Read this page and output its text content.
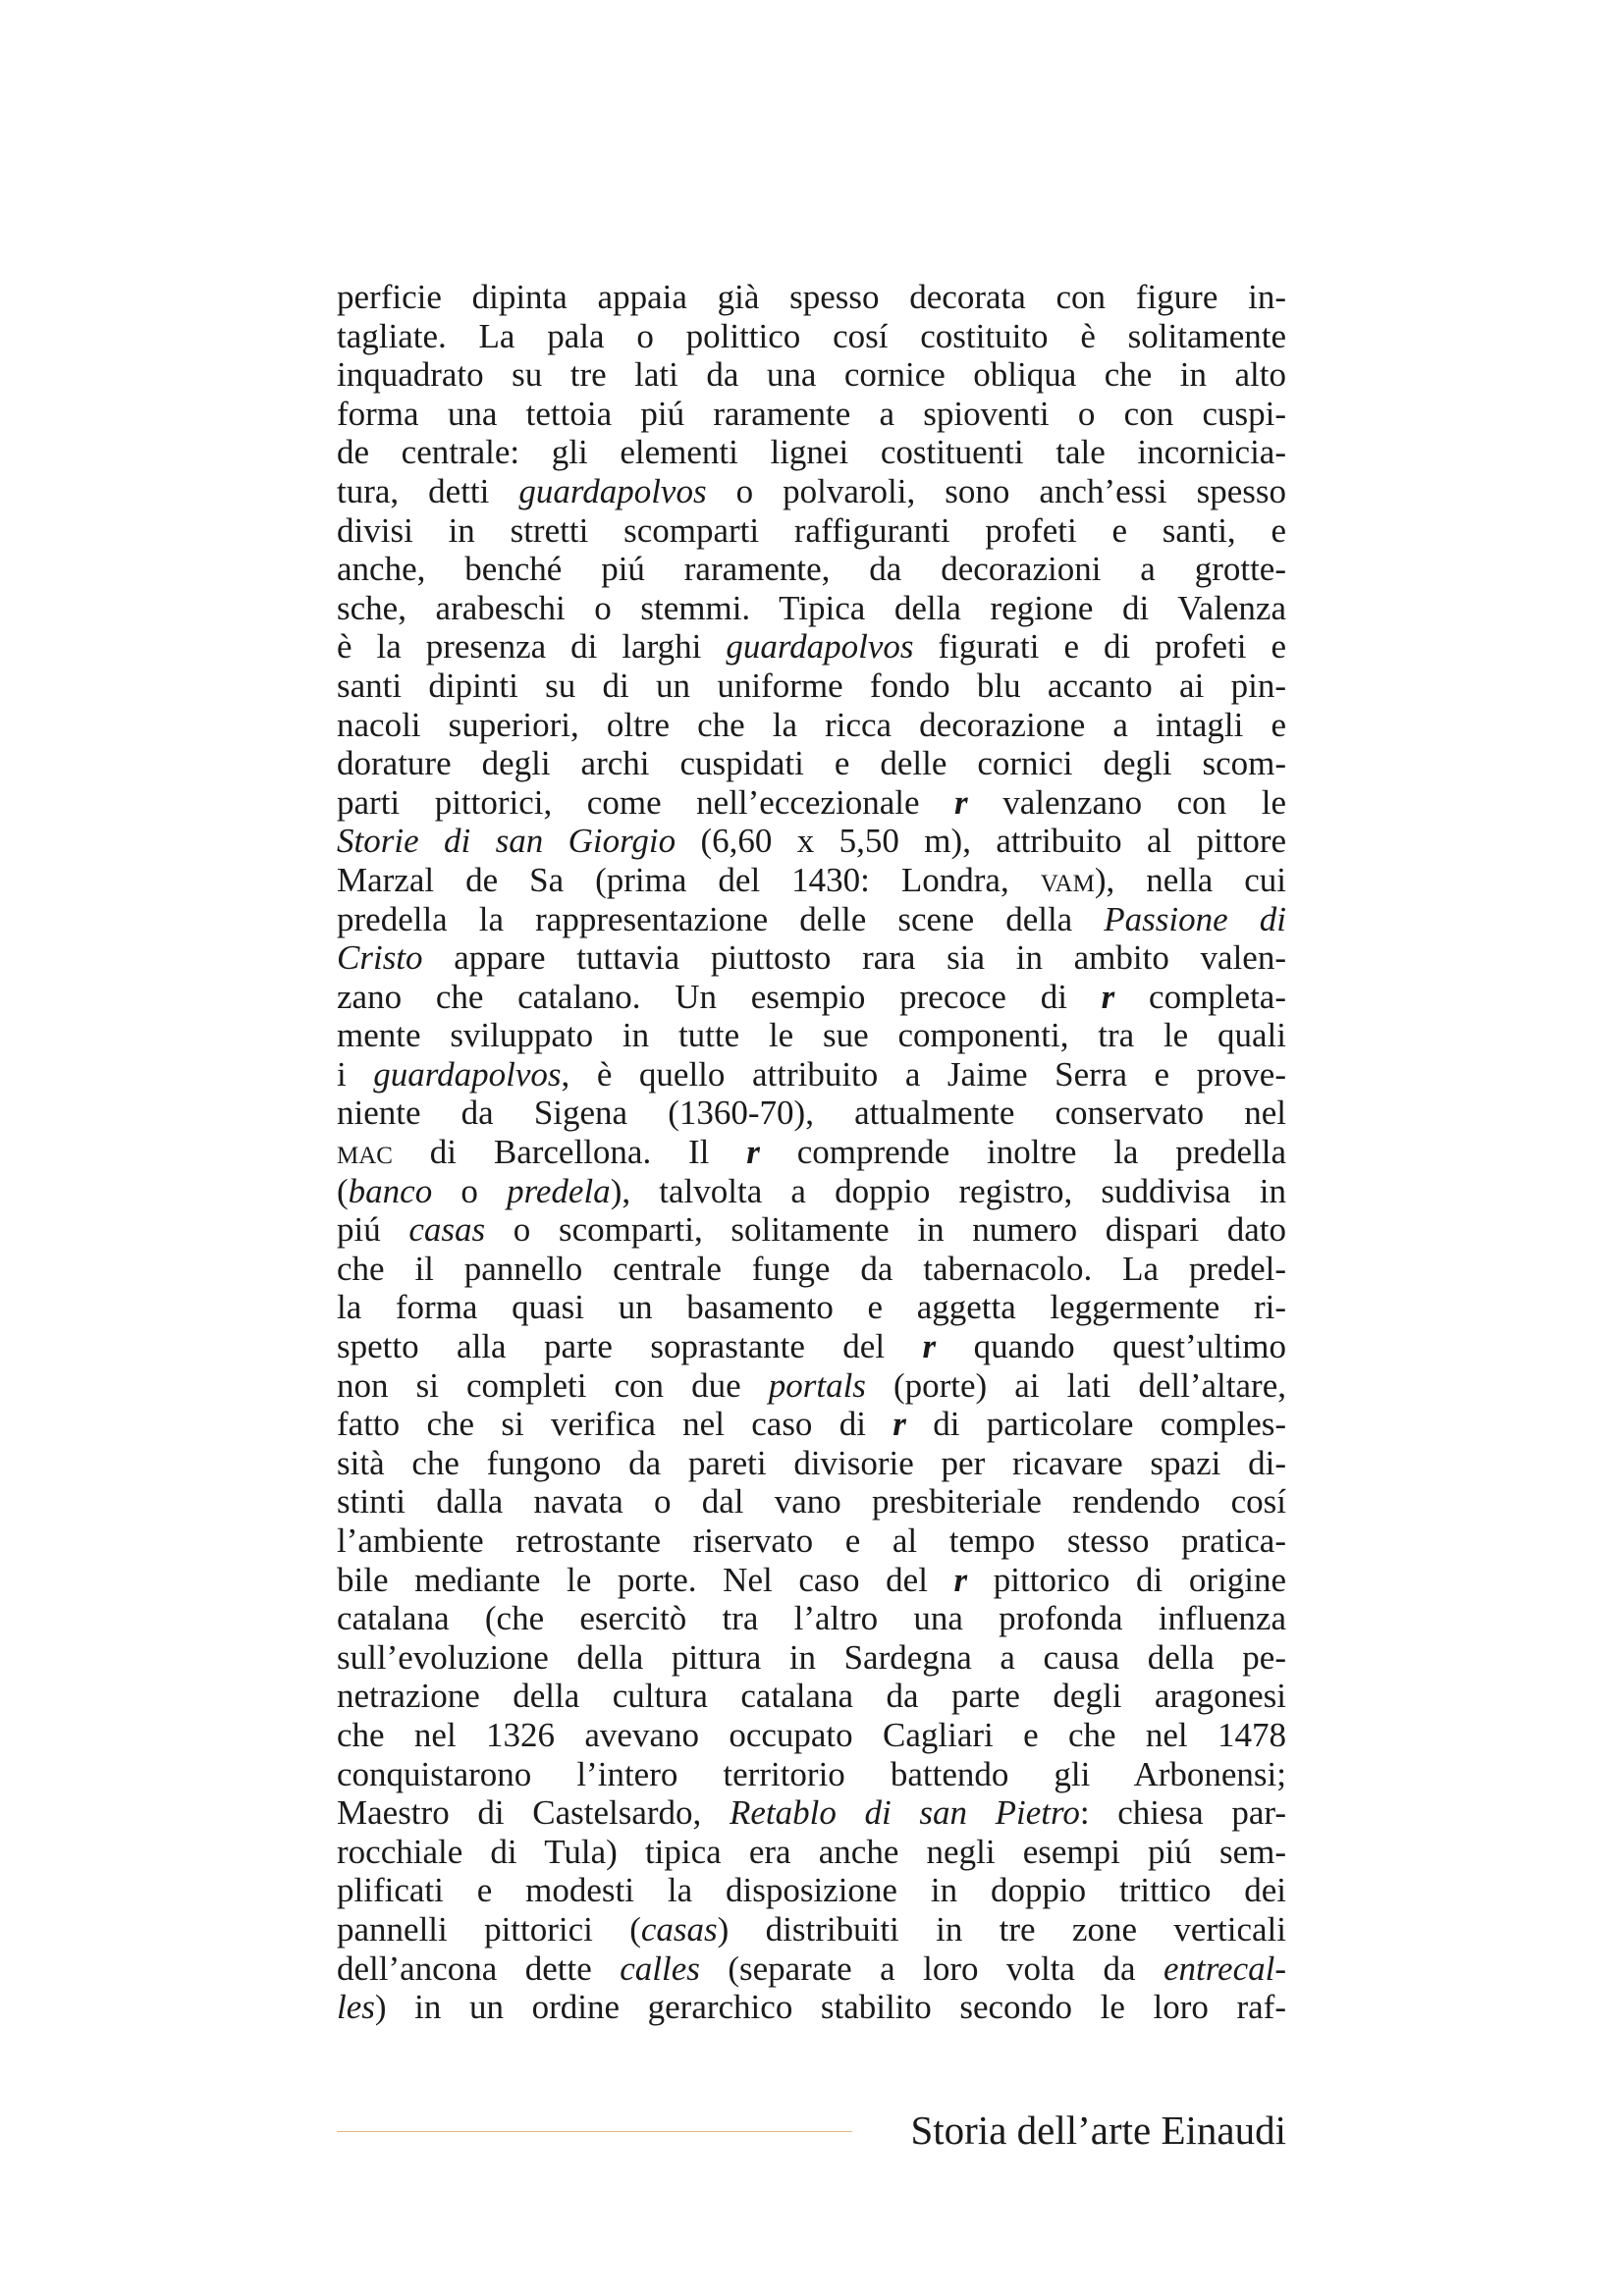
perficie dipinta appaia già spesso decorata con figure in-
tagliate. La pala o polittico cosí costituito è solitamente
inquadrato su tre lati da una cornice obliqua che in alto
forma una tettoia piú raramente a spioventi o con cuspi-
de centrale: gli elementi lignei costituenti tale incornicia-
tura, detti guardapolvos o polvaroli, sono anch’essi spesso
divisi in stretti scomparti raffiguranti profeti e santi, e
anche, benché piú raramente, da decorazioni a grotte-
sche, arabeschi o stemmi. Tipica della regione di Valenza
è la presenza di larghi guardapolvos figurati e di profeti e
santi dipinti su di un uniforme fondo blu accanto ai pin-
nacoli superiori, oltre che la ricca decorazione a intagli e
dorature degli archi cuspidati e delle cornici degli scom-
parti pittorici, come nell’eccezionale r valenzano con le
Storie di san Giorgio (6,60 x 5,50 m), attribuito al pittore
Marzal de Sa (prima del 1430: Londra, vam), nella cui
predella la rappresentazione delle scene della Passione di
Cristo appare tuttavia piuttosto rara sia in ambito valen-
zano che catalano. Un esempio precoce di r completa-
mente sviluppato in tutte le sue componenti, tra le quali
i guardapolvos, è quello attribuito a Jaime Serra e prove-
niente da Sigena (1360-70), attualmente conservato nel
mac di Barcellona. Il r comprende inoltre la predella
(banco o predela), talvolta a doppio registro, suddivisa in
piú casas o scomparti, solitamente in numero dispari dato
che il pannello centrale funge da tabernacolo. La predel-
la forma quasi un basamento e aggetta leggermente ri-
spetto alla parte soprastante del r quando quest’ultimo
non si completi con due portals (porte) ai lati dell’altare,
fatto che si verifica nel caso di r di particolare comples-
sità che fungono da pareti divisorie per ricavare spazi di-
stinti dalla navata o dal vano presbiteriale rendendo cosí
l’ambiente retrostante riservato e al tempo stesso pratica-
bile mediante le porte. Nel caso del r pittorico di origine
catalana (che esercitò tra l’altro una profonda influenza
sull’evoluzione della pittura in Sardegna a causa della pe-
netrazione della cultura catalana da parte degli aragonesi
che nel 1326 avevano occupato Cagliari e che nel 1478
conquistarono l’intero territorio battendo gli Arbonensi;
Maestro di Castelsardo, Retablo di san Pietro: chiesa par-
rocchiale di Tula) tipica era anche negli esempi piú sem-
plificati e modesti la disposizione in doppio trittico dei
pannelli pittorici (casas) distribuiti in tre zone verticali
dell’ancona dette calles (separate a loro volta da entrecal-
les) in un ordine gerarchico stabilito secondo le loro raf-
Storia dell’arte Einaudi
